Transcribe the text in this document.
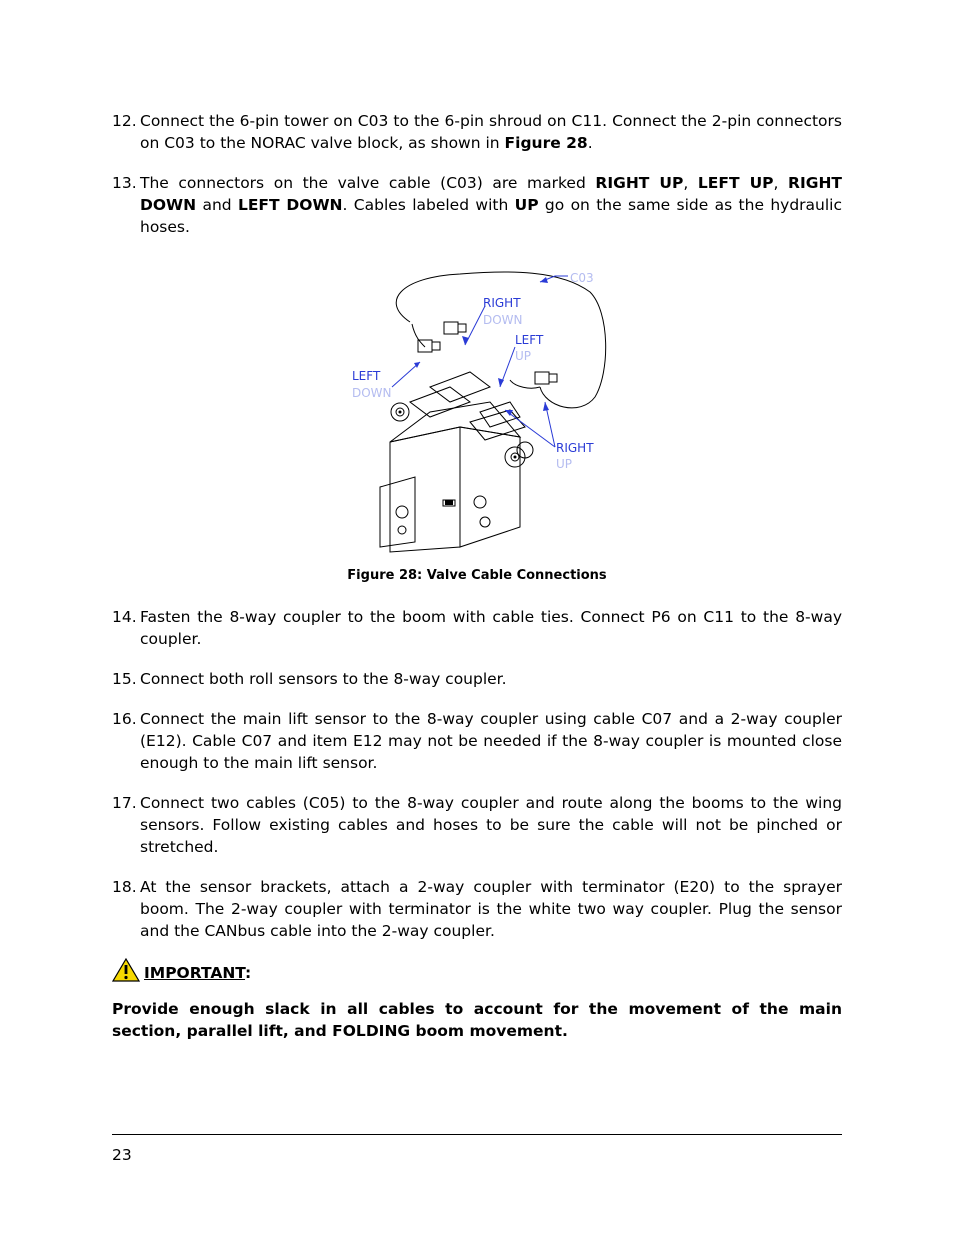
12. Connect the 6-pin tower on C03 to the 6-pin shroud on C11. Connect the 2-pin connectors on C03 to the NORAC valve block, as shown in Figure 28.
13. The connectors on the valve cable (C03) are marked RIGHT UP, LEFT UP, RIGHT DOWN and LEFT DOWN. Cables labeled with UP go on the same side as the hydraulic hoses.
C03
RIGHT
DOWN
LEFT
UP
LEFT
DOWN
RIGHT
UP
Figure 28: Valve Cable Connections
14. Fasten the 8-way coupler to the boom with cable ties. Connect P6 on C11 to the 8-way coupler.
15. Connect both roll sensors to the 8-way coupler.
16. Connect the main lift sensor to the 8-way coupler using cable C07 and a 2-way coupler (E12). Cable C07 and item E12 may not be needed if the 8-way coupler is mounted close enough to the main lift sensor.
17. Connect two cables (C05) to the 8-way coupler and route along the booms to the wing sensors. Follow existing cables and hoses to be sure the cable will not be pinched or stretched.
18. At the sensor brackets, attach a 2-way coupler with terminator (E20) to the sprayer boom. The 2-way coupler with terminator is the white two way coupler. Plug the sensor and the CANbus cable into the 2-way coupler.
IMPORTANT:
Provide enough slack in all cables to account for the movement of the main section, parallel lift, and FOLDING boom movement.
23
